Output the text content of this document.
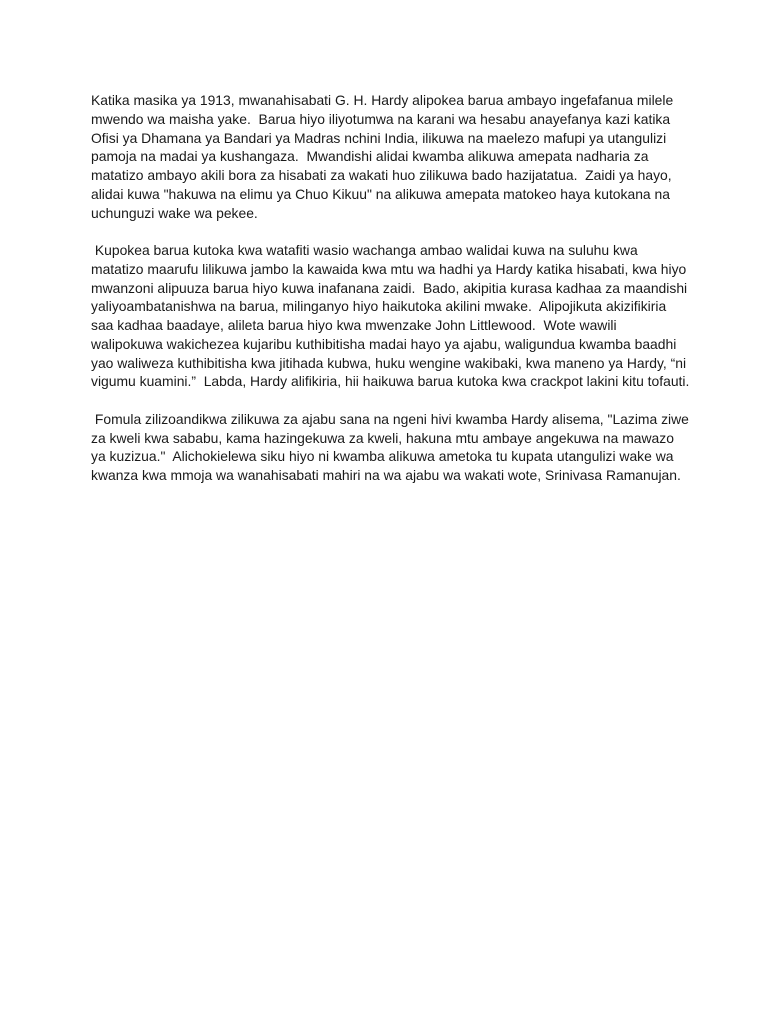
Katika masika ya 1913, mwanahisabati G. H. Hardy alipokea barua ambayo ingefafanua milele mwendo wa maisha yake.  Barua hiyo iliyotumwa na karani wa hesabu anayefanya kazi katika Ofisi ya Dhamana ya Bandari ya Madras nchini India, ilikuwa na maelezo mafupi ya utangulizi pamoja na madai ya kushangaza.  Mwandishi alidai kwamba alikuwa amepata nadharia za matatizo ambayo akili bora za hisabati za wakati huo zilikuwa bado hazijatatua.  Zaidi ya hayo, alidai kuwa "hakuwa na elimu ya Chuo Kikuu" na alikuwa amepata matokeo haya kutokana na uchunguzi wake wa pekee.

Kupokea barua kutoka kwa watafiti wasio wachanga ambao walidai kuwa na suluhu kwa matatizo maarufu lilikuwa jambo la kawaida kwa mtu wa hadhi ya Hardy katika hisabati, kwa hiyo mwanzoni alipuuza barua hiyo kuwa inafanana zaidi.  Bado, akipitia kurasa kadhaa za maandishi yaliyoambatanishwa na barua, milinganyo hiyo haikutoka akilini mwake.  Alipojikuta akizifikiria saa kadhaa baadaye, alileta barua hiyo kwa mwenzake John Littlewood.  Wote wawili walipokuwa wakichezea kujaribu kuthibitisha madai hayo ya ajabu, waligundua kwamba baadhi yao waliweza kuthibitisha kwa jitihada kubwa, huku wengine wakibaki, kwa maneno ya Hardy, “ni vigumu kuamini.”  Labda, Hardy alifikiria, hii haikuwa barua kutoka kwa crackpot lakini kitu tofauti.

Fomula zilizoandikwa zilikuwa za ajabu sana na ngeni hivi kwamba Hardy alisema, "Lazima ziwe za kweli kwa sababu, kama hazingekuwa za kweli, hakuna mtu ambaye angekuwa na mawazo ya kuzizua."  Alichokielewa siku hiyo ni kwamba alikuwa ametoka tu kupata utangulizi wake wa kwanza kwa mmoja wa wanahisabati mahiri na wa ajabu wa wakati wote, Srinivasa Ramanujan.
